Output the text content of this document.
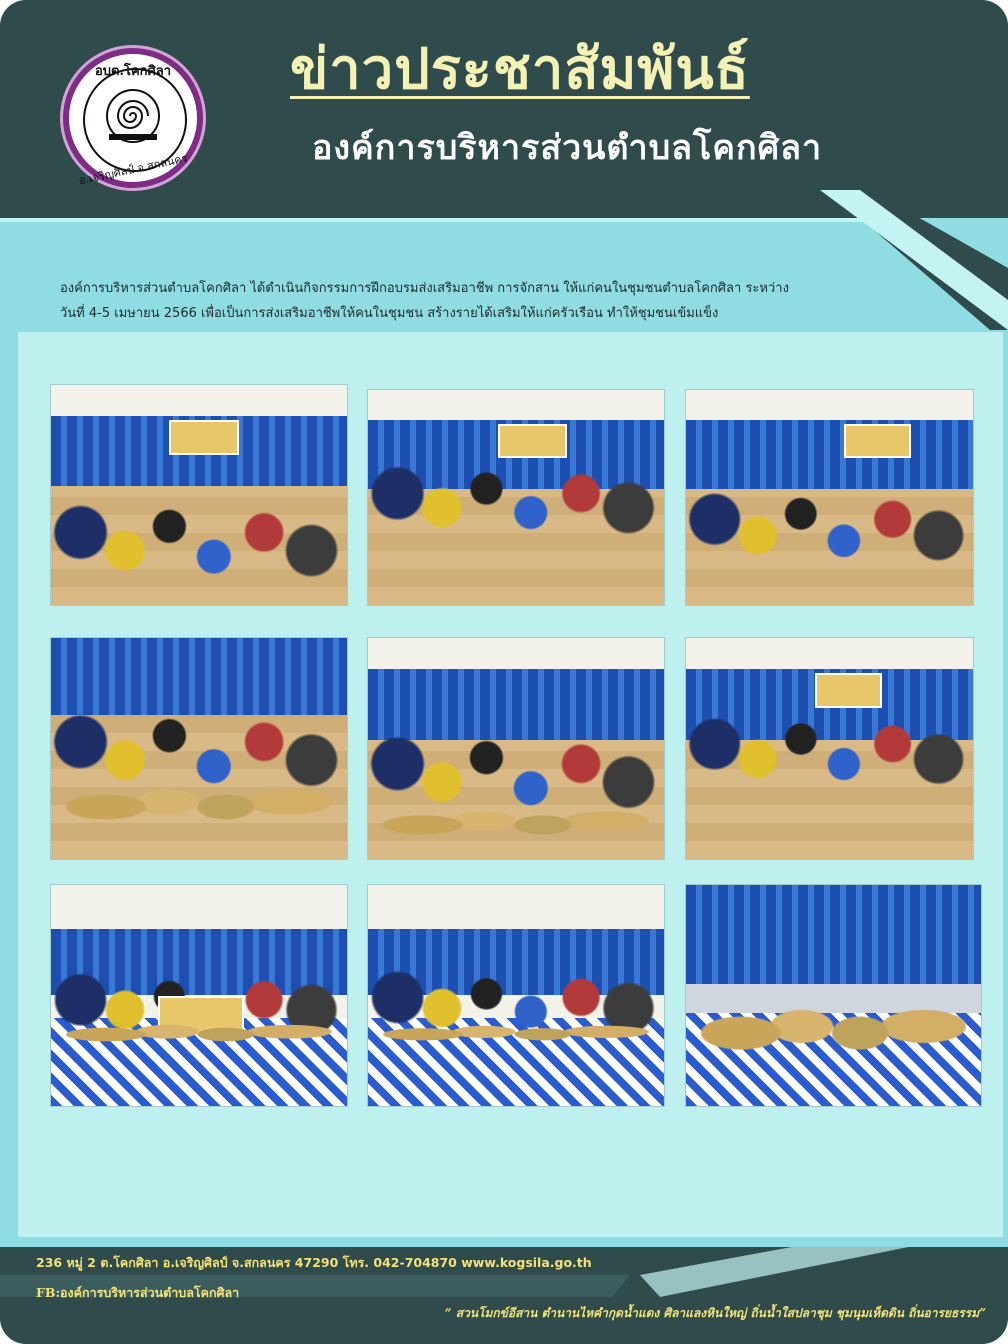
อบต.โคกศิลา
อ.เจริญศิลป์ จ.สกลนคร
ข่าวประชาสัมพันธ์
องค์การบริหารส่วนตำบลโคกศิลา

องค์การบริหารส่วนตำบลโคกศิลา ได้ดำเนินกิจกรรมการฝึกอบรมส่งเสริมอาชีพ การจักสาน ให้แก่คนในชุมชนตำบลโคกศิลา ระหว่าง

วันที่ 4-5 เมษายน 2566 เพื่อเป็นการส่งเสริมอาชีพให้คนในชุมชน สร้างรายได้เสริมให้แก่ครัวเรือน ทำให้ชุมชนเข้มแข็ง

236 หมู่ 2 ต.โคกศิลา อ.เจริญศิลป์ จ.สกลนคร 47290 โทร. 042-704870 www.kogsila.go.th
FB:องค์การบริหารส่วนตำบลโคกศิลา
“ สวนโมกข์อีสาน ตำนานไหคำกุดน้ำแดง ศิลาแลงหินใหญ่ ถิ่นน้ำใสปลาชุม ชุมนุมเห็ดดิน ถิ่นอารยธรรม”
